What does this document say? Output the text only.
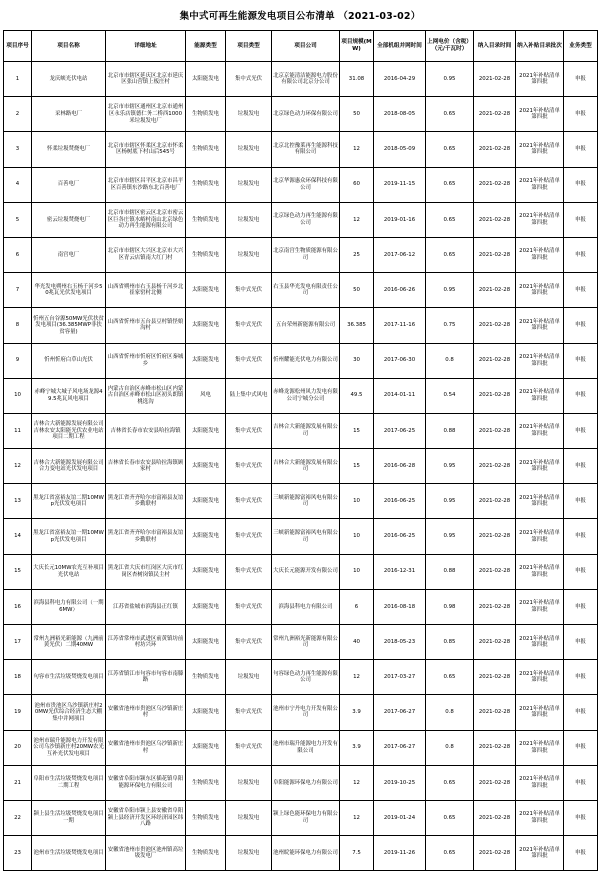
集中式可再生能源发电项目公布清单 （2021-03-02）
项目序号	项目名称	详细地址	能源类型	项目类型	项目公司	项目规模(MW)	全部机组并网时间	上网电价（含税）（元/千瓦时）	纳入目录时间	纳入补贴目录批次	业务类型
1	龙庆峡光伏电站	北京市市辖区延庆区北京市延庆区张山营镇上板庄村	太阳能发电	集中式光伏	北京京能清洁能源电力股份有限公司北京分公司	31.08	2016-04-29	0.95	2021-02-28	2021年补贴清单第四批	申报
2	采林路电厂	北京市市辖区通州区北京市通州区永乐店镇德仁务二桥西1000米垃圾发电厂	生物质发电	垃圾发电	北京绿色动力环保有限公司	50	2018-08-05	0.65	2021-02-28	2021年补贴清单第四批	申报
3	怀柔垃圾焚烧电厂	北京市市辖区怀柔区北京市怀柔区杨树底下村山后545号	生物质发电	垃圾发电	北京北控豫莱再生能源科技有限公司	12	2018-05-09	0.65	2021-02-28	2021年补贴清单第四批	申报
4	百善电厂	北京市市辖区昌平区北京市昌平区百善镇东沙路东北百善电厂	生物质发电	垃圾发电	北京华源惠众环保科技有限公司	60	2019-11-15	0.65	2021-02-28	2021年补贴清单第四批	申报
5	密云垃圾焚烧电厂	北京市市辖区密云区北京市密云区巨各庄镇水峪村南山北京绿色动力再生能源有限公司	生物质发电	垃圾发电	北京绿色动力再生能源有限公司	12	2019-01-16	0.65	2021-02-28	2021年补贴清单第四批	申报
6	南宫电厂	北京市市辖区大兴区北京市大兴区青云店镇南大红门村	生物质发电	垃圾发电	北京南宫生物质能源有限公司	25	2017-06-12	0.65	2021-02-28	2021年补贴清单第四批	申报
7	华光发电朔州右玉杨千河乡50兆瓦光伏发电项目	山西省朔州市右玉县杨千河乡北崔家窑村北侧	太阳能发电	集中式光伏	右玉县华光发电有限责任公司	50	2016-06-26	0.95	2021-02-28	2021年补贴清单第四批	申报
8	忻州五台谷源50MW光伏扶贫发电项目(36.385MWP非扶贫容量)	山西省忻州市五台县豆村镇怪娘沟村	太阳能发电	集中式光伏	五台荣州新能源有限公司	36.385	2017-11-16	0.75	2021-02-28	2021年补贴清单第四批	申报
9	忻州忻府白草山光伏	山西省忻州市忻府区忻府区秦城乡	太阳能发电	集中式光伏	忻州耀能光伏电力有限公司	30	2017-06-30	0.8	2021-02-28	2021年补贴清单第四批	申报
10	赤峰宁城大城子风电场龙源49.5兆瓦风电项目	内蒙古自治区赤峰市松山区内蒙古自治区赤峰市松山区初头朗镇桃选沟	风电	陆上集中式风电	赤峰龙源松州风力发电有限公司宁城分公司	49.5	2014-01-11	0.54	2021-02-28	2021年补贴清单第四批	申报
11	吉林合大新能源发展有限公司吉林农安太阳能光伏农业电站项目二期工程	吉林省长春市农安县哈拉海镇	太阳能发电	集中式光伏	吉林合大新能源发展有限公司	15	2017-06-25	0.88	2021-02-28	2021年补贴清单第四批	申报
12	吉林合大新能源发展有限公司合力变电站光伏发电项目	吉林省长春市农安县哈拉海镇顾家村	太阳能发电	集中式光伏	吉林合大新能源发展有限公司	15	2016-06-28	0.95	2021-02-28	2021年补贴清单第四批	申报
13	黑龙江省富裕友谊二期10MWp光伏发电项目	黑龙江省齐齐哈尔市富裕县友谊乡勤联村	太阳能发电	集中式光伏	三峡新能源富裕风电有限公司	10	2016-06-25	0.95	2021-02-28	2021年补贴清单第四批	申报
14	黑龙江省富裕友谊一期10MWp光伏发电项目	黑龙江省齐齐哈尔市富裕县友谊乡勤联村	太阳能发电	集中式光伏	三峡新能源富裕风电有限公司	10	2016-06-25	0.95	2021-02-28	2021年补贴清单第四批	申报
15	大庆长元10MW农光互补项目光伏电站	黑龙江省大庆市红岗区大庆市红岗区杏树岗镇民主村	太阳能发电	集中式光伏	大庆长元能源开发有限公司	10	2016-12-31	0.88	2021-02-28	2021年补贴清单第四批	申报
16	滨海县科电力有限公司（一期6MW）	江苏省盐城市滨海县正红镇	太阳能发电	集中式光伏	滨海县科电力有限公司	6	2016-08-18	0.98	2021-02-28	2021年补贴清单第四批	申报
17	常州九洲裕光新能源（九洲前黄光伏）二期40MW	江苏省常州市武进区前黄镇坊前村坊兴环	太阳能发电	集中式光伏	常州九洲裕光新能源有限公司	40	2018-05-23	0.85	2021-02-28	2021年补贴清单第四批	申报
18	句容市生活垃圾焚烧发电项目	江苏省镇江市句容市句容市南滕路	生物质发电	垃圾发电	句容绿色动力再生能源有限公司	12	2017-03-27	0.65	2021-02-28	2021年补贴清单第四批	申报
19	池州市贵池区乌沙镇新庄村20MW光伏综合经济生态大棚集中并网项目	安徽省池州市贵池区乌沙镇新庄村	太阳能发电	集中式光伏	池州市宁丹电力开发有限公司	3.9	2017-06-27	0.8	2021-02-28	2021年补贴清单第四批	申报
20	池州市瑞升能源电力开发有限公司乌沙镇新庄村20MW农光互补光伏发电项目	安徽省池州市贵池区乌沙镇新庄村	太阳能发电	集中式光伏	池州市瑞升能源电力开发有限公司	3.9	2017-06-27	0.8	2021-02-28	2021年补贴清单第四批	申报
21	阜阳市生活垃圾焚烧发电项目二期工程	安徽省阜阳市颍东区插花镇阜阳能源环保电力有限公司	生物质发电	垃圾发电	阜阳能源环保电力有限公司	12	2019-10-25	0.65	2021-02-28	2021年补贴清单第四批	申报
22	颍上县生活垃圾焚烧发电项目一期	安徽省阜阳市颍上县安徽省阜阳颍上县经济开发区环经济园区纬八路	生物质发电	垃圾发电	颍上绿色能环保电力有限公司	12	2019-01-24	0.65	2021-02-28	2021年补贴清单第四批	申报
23	池州市生活垃圾焚烧发电项目	安徽省池州市贵池区池州镇高垃圾发电厂	生物质发电	垃圾发电	池州皖能环保电力有限公司	7.5	2019-11-26	0.65	2021-02-28	2021年补贴清单第四批	申报
